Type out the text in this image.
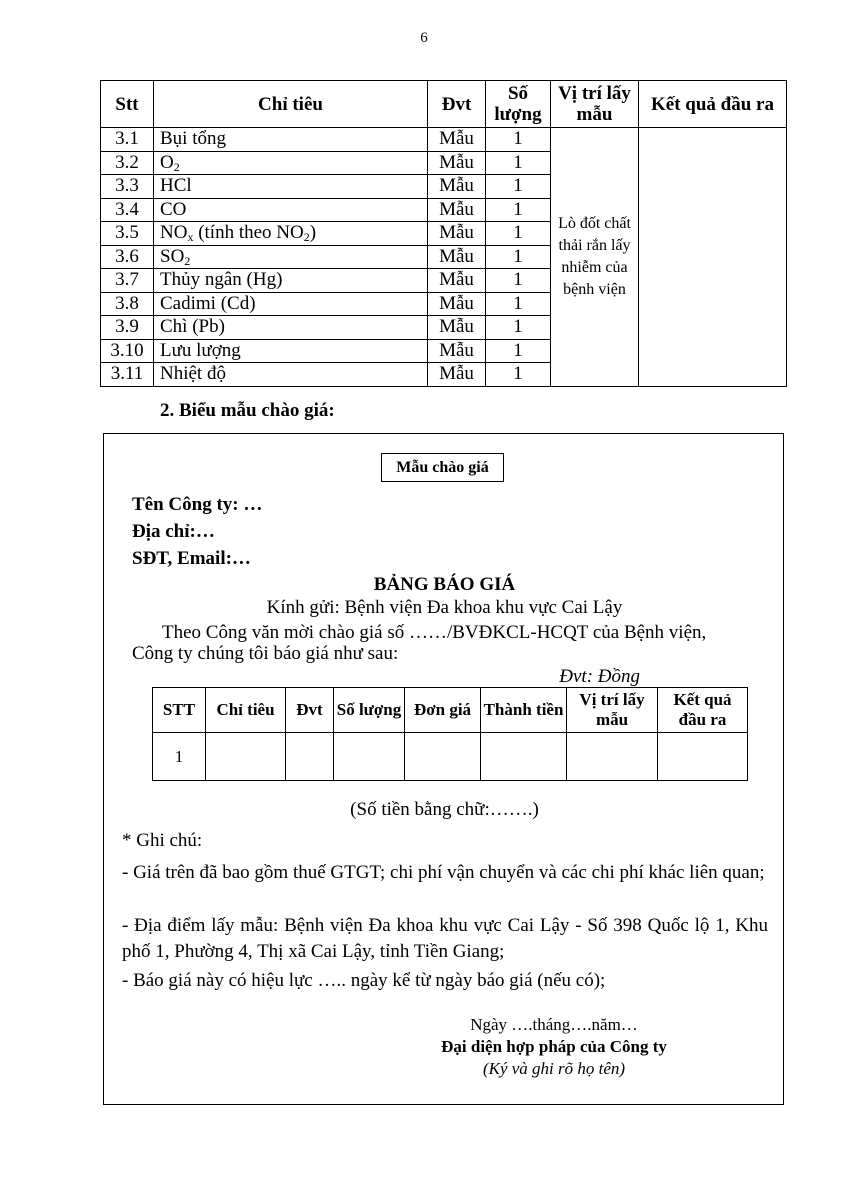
6
Stt	Chỉ tiêu	Đvt	Số lượng	Vị trí lấy mẫu	Kết quả đầu ra
3.1	Bụi tổng	Mẫu	1	Lò đốt chất thải rắn lấy nhiễm của bệnh viện	
3.2	$O_2$	Mẫu	1		
3.3	HCl	Mẫu	1		
3.4	CO	Mẫu	1		
3.5	$NO_x$ (tính theo $NO_2$)	Mẫu	1		
3.6	$SO_2$	Mẫu	1		
3.7	Thủy ngân (Hg)	Mẫu	1		
3.8	Cadimi (Cd)	Mẫu	1		
3.9	Chì (Pb)	Mẫu	1		
3.10	Lưu lượng	Mẫu	1		
3.11	Nhiệt độ	Mẫu	1		
2. Biểu mẫu chào giá:
Mẫu chào giá
Tên Công ty: …
Địa chỉ:…
SĐT, Email:…
BẢNG BÁO GIÁ
Kính gửi: Bệnh viện Đa khoa khu vực Cai Lậy
Theo Công văn mời chào giá số ……/BVĐKCL-HCQT của Bệnh viện,
Công ty chúng tôi báo giá như sau:
Đvt: Đồng
STT	Chỉ tiêu	Đvt	Số lượng	Đơn giá	Thành tiền	Vị trí lấy mẫu	Kết quả đầu ra
1							
(Số tiền bằng chữ:…….)
* Ghi chú:
- Giá trên đã bao gồm thuế GTGT; chi phí vận chuyển và các chi phí khác liên quan;
- Địa điểm lấy mẫu: Bệnh viện Đa khoa khu vực Cai Lậy - Số 398 Quốc lộ 1, Khu phố 1, Phường 4, Thị xã Cai Lậy, tỉnh Tiền Giang;
- Báo giá này có hiệu lực ….. ngày kể từ ngày báo giá (nếu có);
Ngày ….tháng….năm…
Đại diện hợp pháp của Công ty
(Ký và ghi rõ họ tên)
